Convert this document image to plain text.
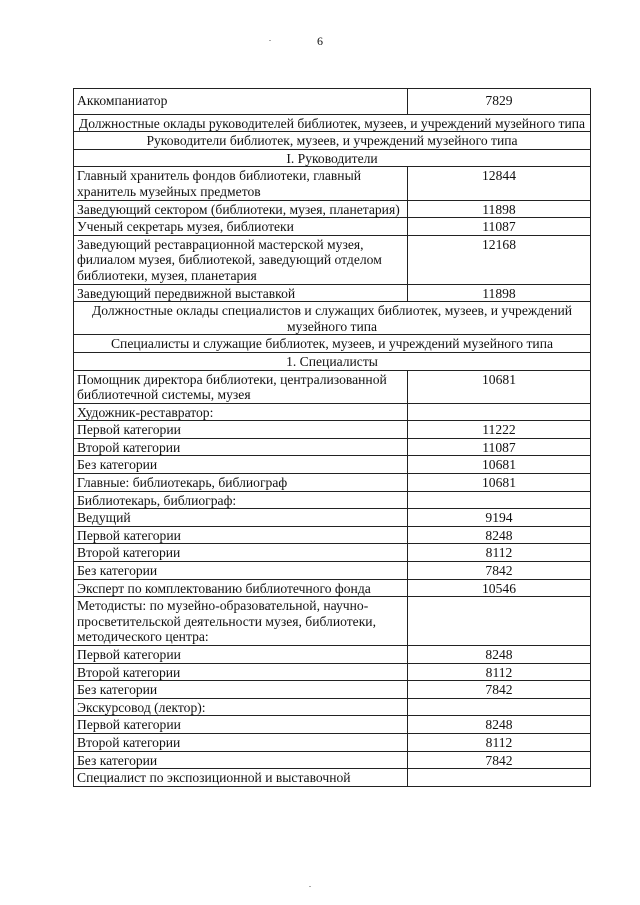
6
Аккомпаниатор	7829
Должностные оклады руководителей библиотек, музеев, и учреждений музейного типа	
Руководители библиотек, музеев, и учреждений музейного типа	
I. Руководители	
Главный хранитель фондов библиотеки, главный хранитель музейных предметов	12844
Заведующий сектором (библиотеки, музея, планетария)	11898
Ученый секретарь музея, библиотеки	11087
Заведующий реставрационной мастерской музея, филиалом музея, библиотекой, заведующий отделом библиотеки, музея, планетария	12168
Заведующий передвижной выставкой	11898
Должностные оклады специалистов и служащих библиотек, музеев, и учреждений музейного типа	
Специалисты и служащие библиотек, музеев, и учреждений музейного типа	
1. Специалисты	
Помощник директора библиотеки, централизованной библиотечной системы, музея	10681
Художник-реставратор:	
Первой категории	11222
Второй категории	11087
Без категории	10681
Главные: библиотекарь, библиограф	10681
Библиотекарь, библиограф:	
Ведущий	9194
Первой категории	8248
Второй категории	8112
Без категории	7842
Эксперт по комплектованию библиотечного фонда	10546
Методисты: по музейно-образовательной, научно-просветительской деятельности музея, библиотеки, методического центра:	
Первой категории	8248
Второй категории	8112
Без категории	7842
Экскурсовод (лектор):	
Первой категории	8248
Второй категории	8112
Без категории	7842
Специалист по экспозиционной и выставочной	
